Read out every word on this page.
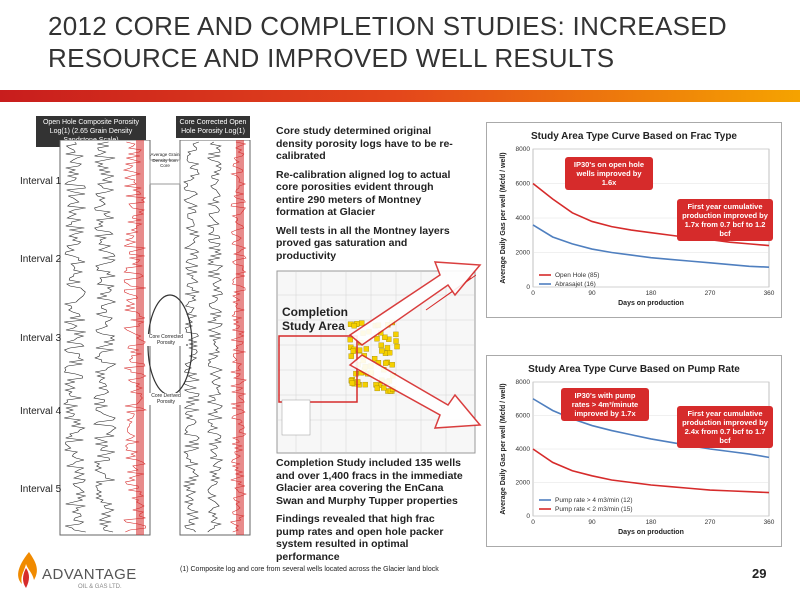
2012 CORE AND COMPLETION STUDIES: INCREASED RESOURCE AND IMPROVED WELL RESULTS
Open Hole Composite Porosity Log(1) (2.65 Grain Density
Core Corrected Open Hole Porosity Log(1)
Average Grain Density from Core
Core Corrected Porosity
Core Derived Porosity
Interval 1
Interval 2
Interval 3
Interval 4
Interval 5

Core study determined original density porosity logs have to be re-calibrated

Re-calibration aligned log to actual core porosities evident through entire 290 meters of Montney formation at Glacier

Well tests in all the Montney layers proved gas saturation and productivity

Completion Study Area

Completion Study included 135 wells and over 1,400 fracs in the immediate Glacier area covering the EnCana Swan and Murphy Tupper properties

Findings revealed that high frac pump rates and open hole packer system resulted in optimal performance

Study Area Type Curve Based on Frac Type
0
2000
4000
6000
8000
0	90	180	270	360
Days on production
Average Daily Gas per well (Mcfd / well)	Open Hole (85)
Abrasajet (16)
IP30's on open hole wells improved by 1.6x
First year cumulative production improved by 1.7x from 0.7 bcf to 1.2 bcf
Study Area Type Curve Based on Pump Rate
0
2000
4000
6000
8000
0	90	180	270	360
Days on production
Average Daily Gas per well (Mcfd / well)	Pump rate > 4 m3/min (12)
Pump rate < 2 m3/min (15)
IP30's with pump rates > 4m³/minute improved by 1.7x	First year cumulative production improved by 2.4x from 0.7 bcf to 1.7 bcf
ADVANTAGE
OIL & GAS LTD.
(1) Composite log and core from several wells located across the Glacier land block	29
